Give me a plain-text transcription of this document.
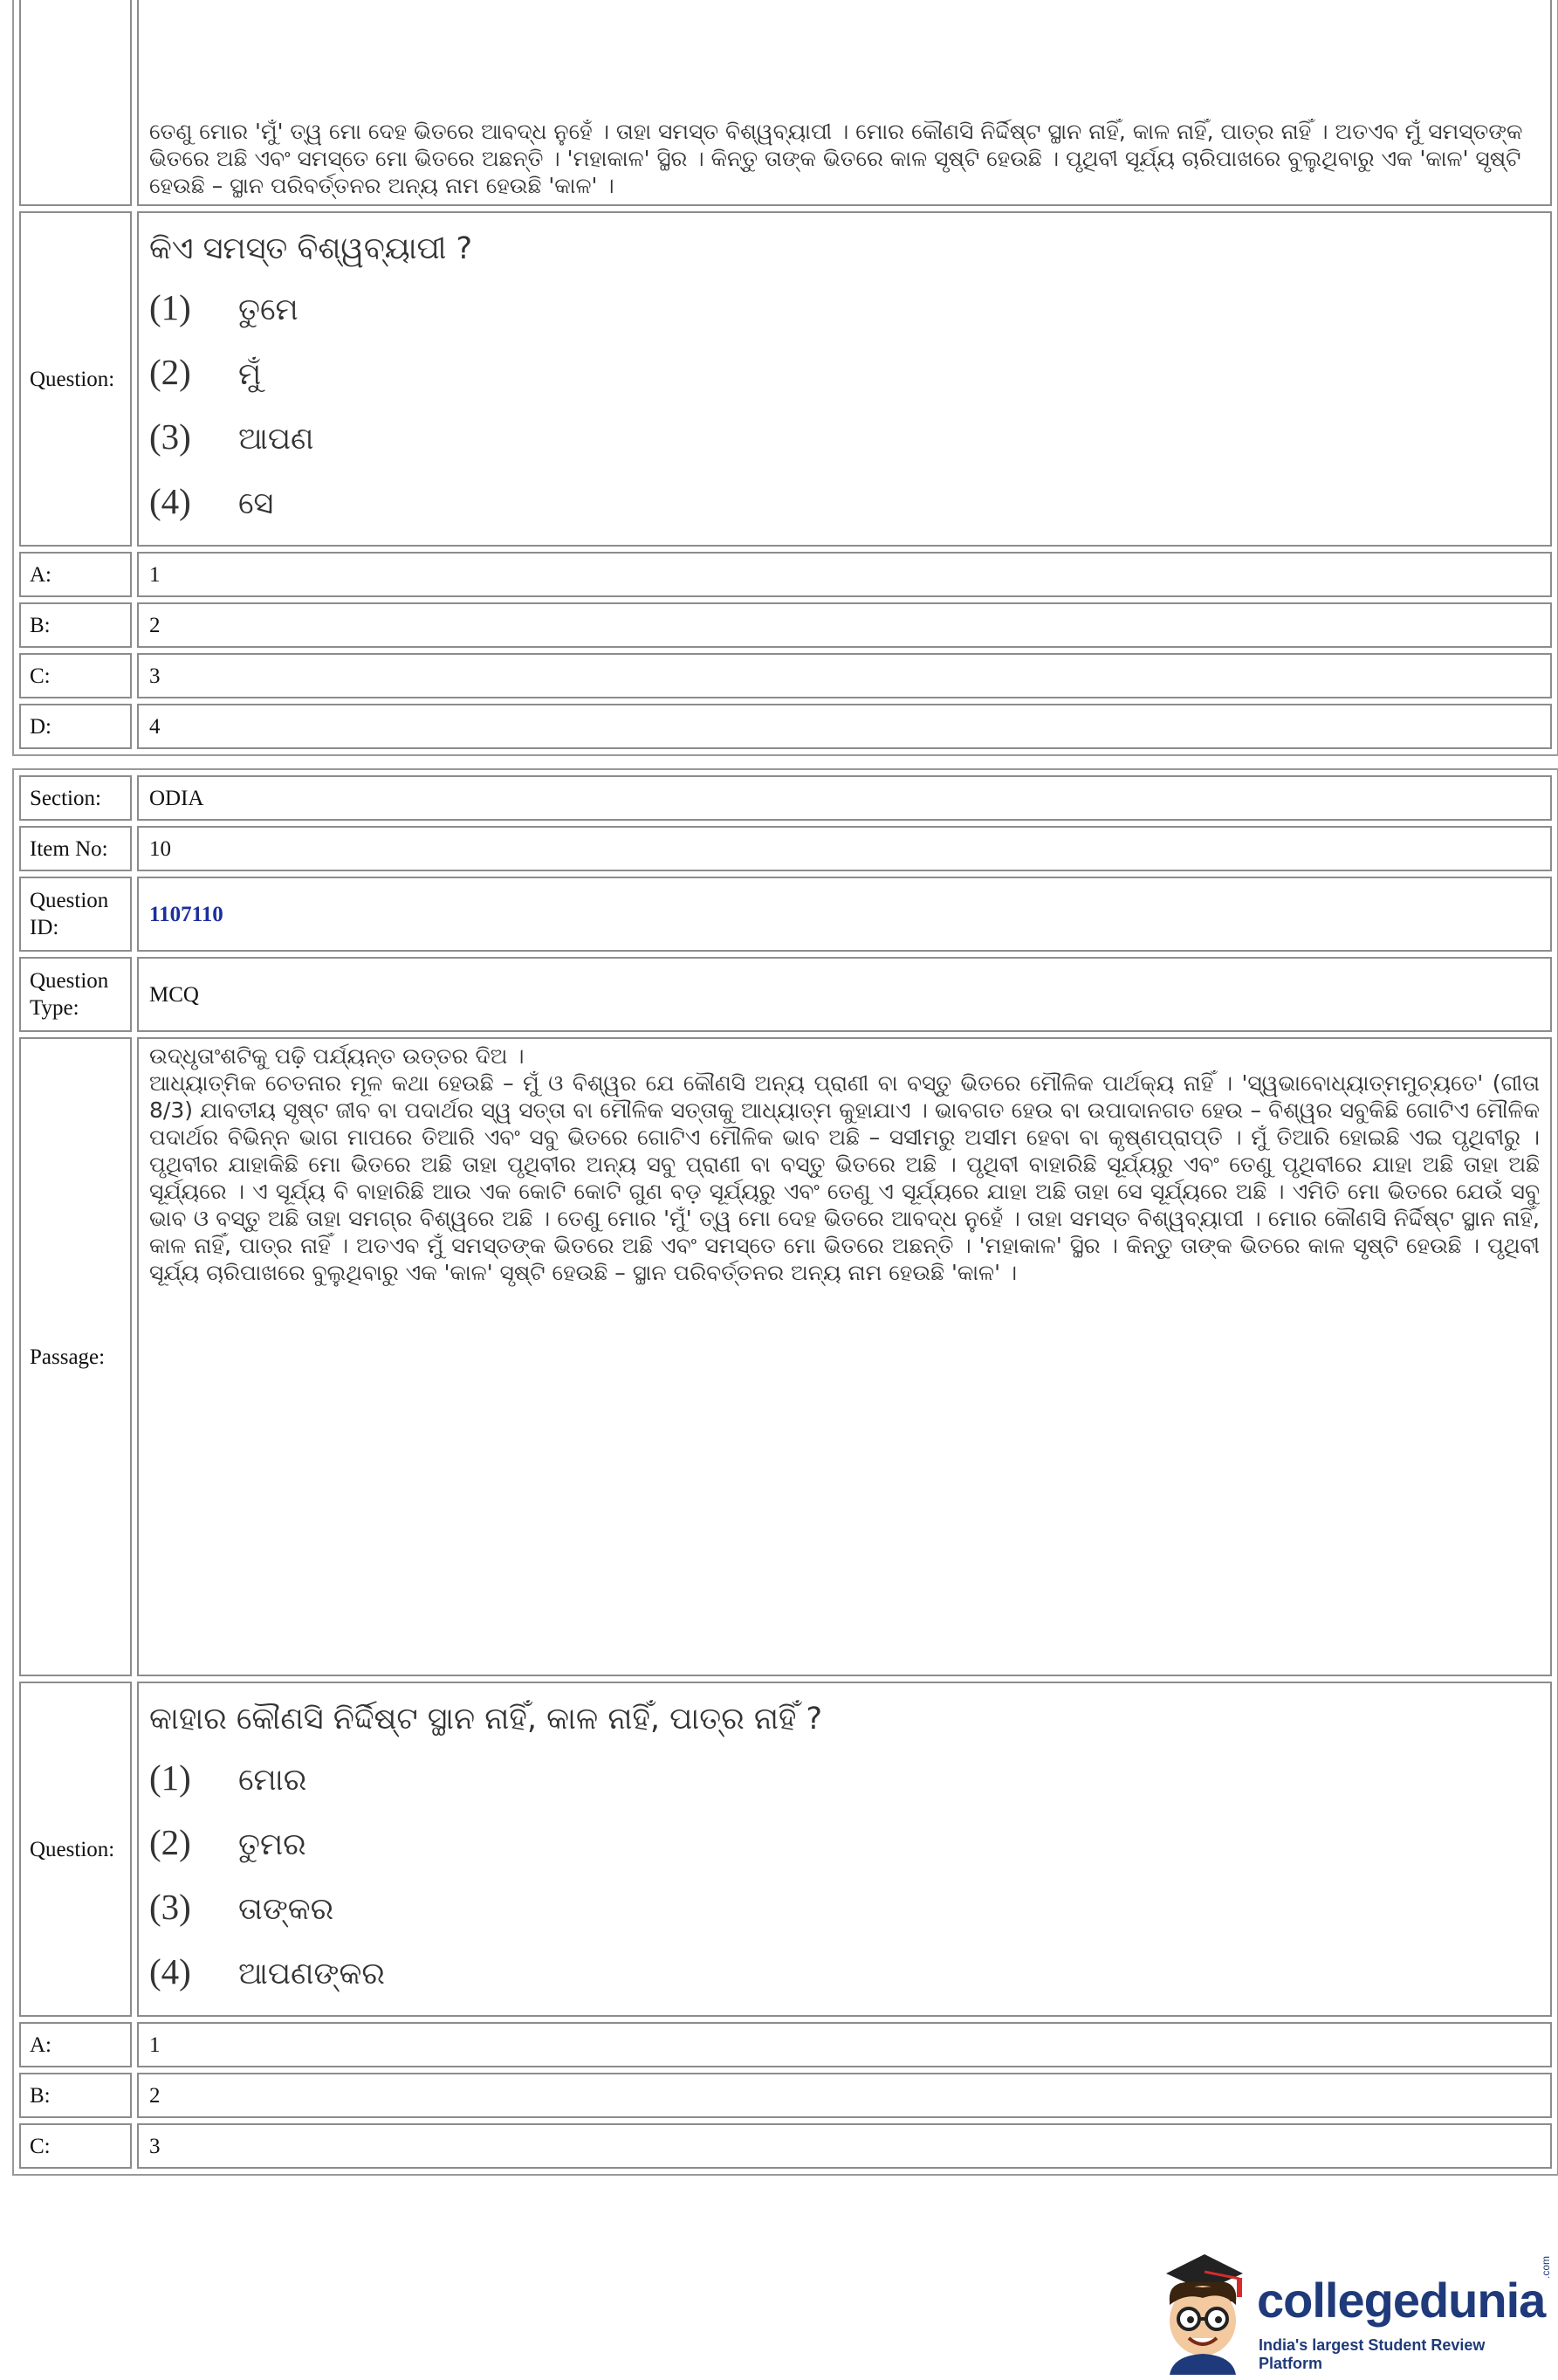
	ତେଣୁ ମୋର 'ମୁଁ' ତ୍ୱ ମୋ ଦେହ ଭିତରେ ଆବଦ୍ଧ ନୁହେଁ । ତାହା ସମସ୍ତ ବିଶ୍ୱବ୍ୟାପୀ । ମୋର କୌଣସି ନିର୍ଦ୍ଦିଷ୍ଟ ସ୍ଥାନ ନାହିଁ, କାଳ ନାହିଁ, ପାତ୍ର ନାହିଁ । ଅତଏବ ମୁଁ ସମସ୍ତଙ୍କ ଭିତରେ ଅଛି ଏବଂ ସମସ୍ତେ ମୋ ଭିତରେ ଅଛନ୍ତି । 'ମହାକାଳ' ସ୍ଥିର । କିନ୍ତୁ ତାଙ୍କ ଭିତରେ କାଳ ସୃଷ୍ଟି ହେଉଛି । ପୃଥିବୀ ସୂର୍ଯ୍ୟ ଚାରିପାଖରେ ବୁଲୁଥିବାରୁ ଏକ 'କାଳ' ସୃଷ୍ଟି ହେଉଛି – ସ୍ଥାନ ପରିବର୍ତ୍ତନର ଅନ୍ୟ ନାମ ହେଉଛି 'କାଳ' ।
Question:	କିଏ ସମସ୍ତ ବିଶ୍ୱବ୍ୟାପୀ ?
(1) ତୁମେ
(2) ମୁଁ
(3) ଆପଣ
(4) ସେ

A:	1
B:	2
C:	3
D:	4
Section:	ODIA
Item No:	10
Question ID:	1107110
Question Type:	MCQ
Passage:	ଉଦ୍ଧୃତାଂଶଟିକୁ ପଢ଼ି ପର୍ଯ୍ୟନ୍ତ ଉତ୍ତର ଦିଅ ।
ଆଧ୍ୟାତ୍ମିକ ଚେତନାର ମୂଳ କଥା ହେଉଛି – ମୁଁ ଓ ବିଶ୍ୱର ଯେ କୌଣସି ଅନ୍ୟ ପ୍ରାଣୀ ବା ବସ୍ତୁ ଭିତରେ ମୌଳିକ ପାର୍ଥକ୍ୟ ନାହିଁ । 'ସ୍ୱଭାବୋଧ୍ୟାତ୍ମମୁଚ୍ୟତେ' (ଗୀତା 8/3) ଯାବତୀୟ ସୃଷ୍ଟ ଜୀବ ବା ପଦାର୍ଥର ସ୍ୱ ସତ୍ତା ବା ମୌଳିକ ସତ୍ତାକୁ ଆଧ୍ୟାତ୍ମ କୁହାଯାଏ । ଭାବଗତ ହେଉ ବା ଉପାଦାନଗତ ହେଉ – ବିଶ୍ୱର ସବୁକିଛି ଗୋଟିଏ ମୌଳିକ ପଦାର୍ଥର ବିଭିନ୍ନ ଭାଗ ମାପରେ ତିଆରି ଏବଂ ସବୁ ଭିତରେ ଗୋଟିଏ ମୌଳିକ ଭାବ ଅଛି – ସସୀମରୁ ଅସୀମ ହେବା ବା କୃଷ୍ଣପ୍ରାପ୍ତି । ମୁଁ ତିଆରି ହୋଇଛି ଏଇ ପୃଥିବୀରୁ । ପୃଥିବୀର ଯାହାକିଛି ମୋ ଭିତରେ ଅଛି ତାହା ପୃଥିବୀର ଅନ୍ୟ ସବୁ ପ୍ରାଣୀ ବା ବସ୍ତୁ ଭିତରେ ଅଛି । ପୃଥିବୀ ବାହାରିଛି ସୂର୍ଯ୍ୟରୁ ଏବଂ ତେଣୁ ପୃଥିବୀରେ ଯାହା ଅଛି ତାହା ଅଛି ସୂର୍ଯ୍ୟରେ । ଏ ସୂର୍ଯ୍ୟ ବି ବାହାରିଛି ଆଉ ଏକ କୋଟି କୋଟି ଗୁଣ ବଡ଼ ସୂର୍ଯ୍ୟରୁ ଏବଂ ତେଣୁ ଏ ସୂର୍ଯ୍ୟରେ ଯାହା ଅଛି ତାହା ସେ ସୂର୍ଯ୍ୟରେ ଅଛି । ଏମିତି ମୋ ଭିତରେ ଯେଉଁ ସବୁ ଭାବ ଓ ବସ୍ତୁ ଅଛି ତାହା ସମଗ୍ର ବିଶ୍ୱରେ ଅଛି । ତେଣୁ ମୋର 'ମୁଁ' ତ୍ୱ ମୋ ଦେହ ଭିତରେ ଆବଦ୍ଧ ନୁହେଁ । ତାହା ସମସ୍ତ ବିଶ୍ୱବ୍ୟାପୀ । ମୋର କୌଣସି ନିର୍ଦ୍ଦିଷ୍ଟ ସ୍ଥାନ ନାହିଁ, କାଳ ନାହିଁ, ପାତ୍ର ନାହିଁ । ଅତଏବ ମୁଁ ସମସ୍ତଙ୍କ ଭିତରେ ଅଛି ଏବଂ ସମସ୍ତେ ମୋ ଭିତରେ ଅଛନ୍ତି । 'ମହାକାଳ' ସ୍ଥିର । କିନ୍ତୁ ତାଙ୍କ ଭିତରେ କାଳ ସୃଷ୍ଟି ହେଉଛି । ପୃଥିବୀ ସୂର୍ଯ୍ୟ ଚାରିପାଖରେ ବୁଲୁଥିବାରୁ ଏକ 'କାଳ' ସୃଷ୍ଟି ହେଉଛି – ସ୍ଥାନ ପରିବର୍ତ୍ତନର ଅନ୍ୟ ନାମ ହେଉଛି 'କାଳ' ।

Question:	କାହାର କୌଣସି ନିର୍ଦ୍ଦିଷ୍ଟ ସ୍ଥାନ ନାହିଁ, କାଳ ନାହିଁ, ପାତ୍ର ନାହିଁ ?
(1) ମୋର
(2) ତୁମର
(3) ତାଙ୍କର
(4) ଆପଣଙ୍କର

A:	1
B:	2
C:	3
collegedunia
.com
India's largest Student Review Platform
